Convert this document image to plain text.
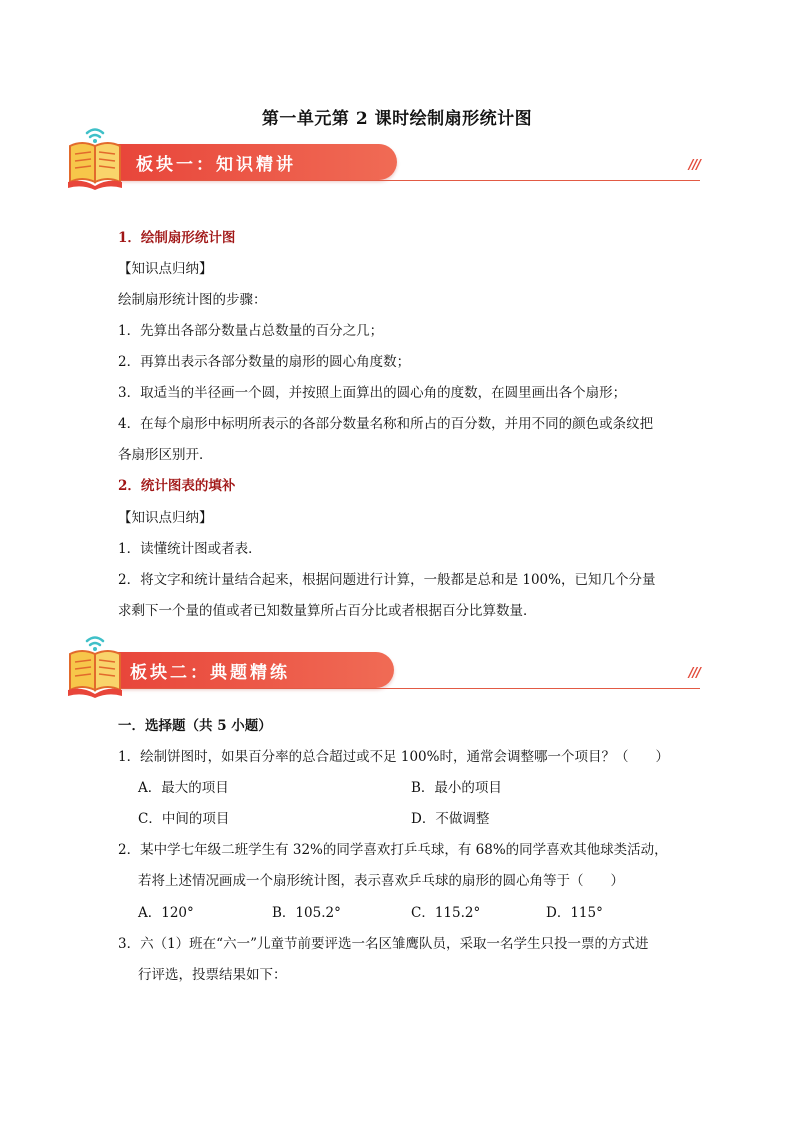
第一单元第 2 课时绘制扇形统计图
板块一：知识精讲	///
1．绘制扇形统计图
【知识点归纳】
绘制扇形统计图的步骤：
1．先算出各部分数量占总数量的百分之几；
2．再算出表示各部分数量的扇形的圆心角度数；
3．取适当的半径画一个圆，并按照上面算出的圆心角的度数，在圆里画出各个扇形；
4．在每个扇形中标明所表示的各部分数量名称和所占的百分数，并用不同的颜色或条纹把
各扇形区别开．
2．统计图表的填补
【知识点归纳】
1．读懂统计图或者表．
2．将文字和统计量结合起来，根据问题进行计算，一般都是总和是 100%，已知几个分量
求剩下一个量的值或者已知数量算所占百分比或者根据百分比算数量．
板块二：典题精练	///
一．选择题（共 5 小题）
1．绘制饼图时，如果百分率的总合超过或不足 100%时，通常会调整哪一个项目？（　　）
A．最大的项目	B．最小的项目
C．中间的项目	D．不做调整
2．某中学七年级二班学生有 32%的同学喜欢打乒乓球，有 68%的同学喜欢其他球类活动，
若将上述情况画成一个扇形统计图，表示喜欢乒乓球的扇形的圆心角等于（　　）
A．120°	B．105.2°	C．115.2°	D．115°
3．六（1）班在“六一”儿童节前要评选一名区雏鹰队员，采取一名学生只投一票的方式进
行评选，投票结果如下：
